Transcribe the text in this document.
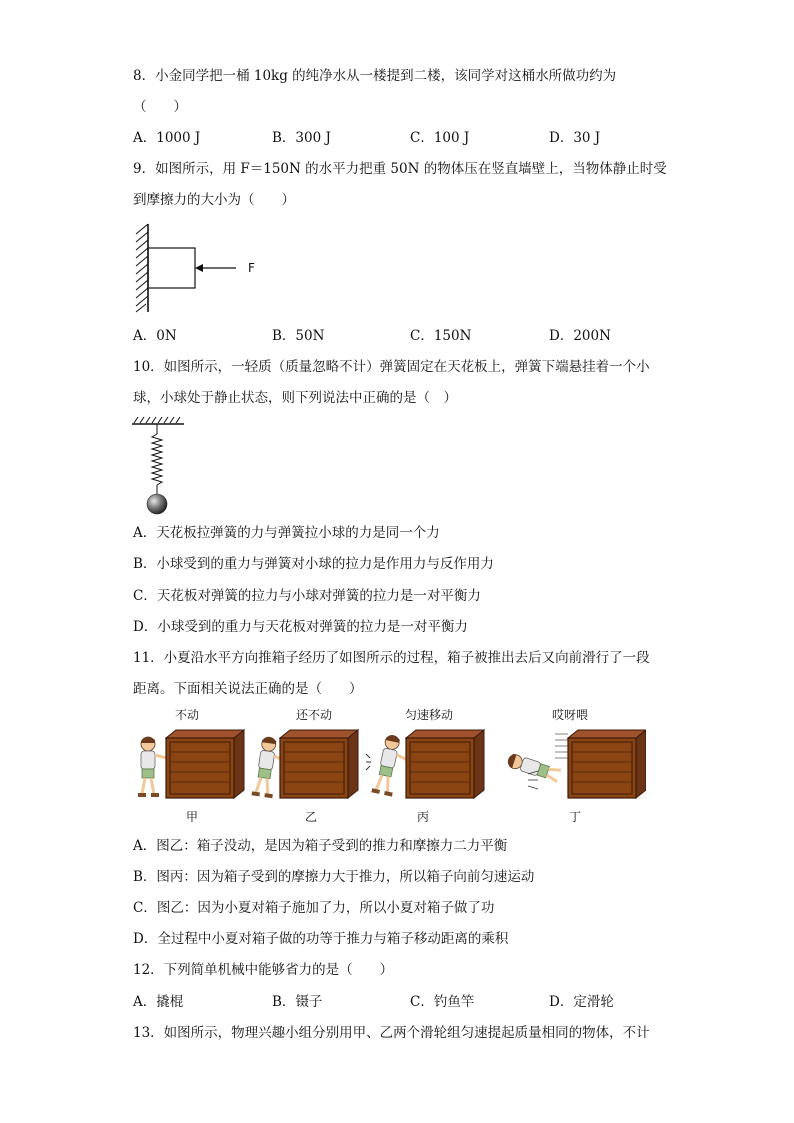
8．小金同学把一桶 10kg 的纯净水从一楼提到二楼，该同学对这桶水所做功约为
（　　）
A．1000 J	B．300 J	C．100 J	D．30 J
9．如图所示，用 F＝150N 的水平力把重 50N 的物体压在竖直墙壁上，当物体静止时受
到摩擦力的大小为（　　）
F
A．0N	B．50N	C．150N	D．200N
10．如图所示，一轻质（质量忽略不计）弹簧固定在天花板上，弹簧下端悬挂着一个小
球，小球处于静止状态，则下列说法中正确的是（　）
A．天花板拉弹簧的力与弹簧拉小球的力是同一个力
B．小球受到的重力与弹簧对小球的拉力是作用力与反作用力
C．天花板对弹簧的拉力与小球对弹簧的拉力是一对平衡力
D．小球受到的重力与天花板对弹簧的拉力是一对平衡力
11．小夏沿水平方向推箱子经历了如图所示的过程，箱子被推出去后又向前滑行了一段
距离。下面相关说法正确的是（　　）
不动	还不动	匀速移动	哎呀喂
甲	乙	丙	丁
A．图乙：箱子没动，是因为箱子受到的推力和摩擦力二力平衡
B．图丙：因为箱子受到的摩擦力大于推力，所以箱子向前匀速运动
C．图乙：因为小夏对箱子施加了力，所以小夏对箱子做了功
D．全过程中小夏对箱子做的功等于推力与箱子移动距离的乘积
12．下列简单机械中能够省力的是（　　）
A．撬棍	B．镊子	C．钓鱼竿	D．定滑轮
13．如图所示，物理兴趣小组分别用甲、乙两个滑轮组匀速提起质量相同的物体，不计
